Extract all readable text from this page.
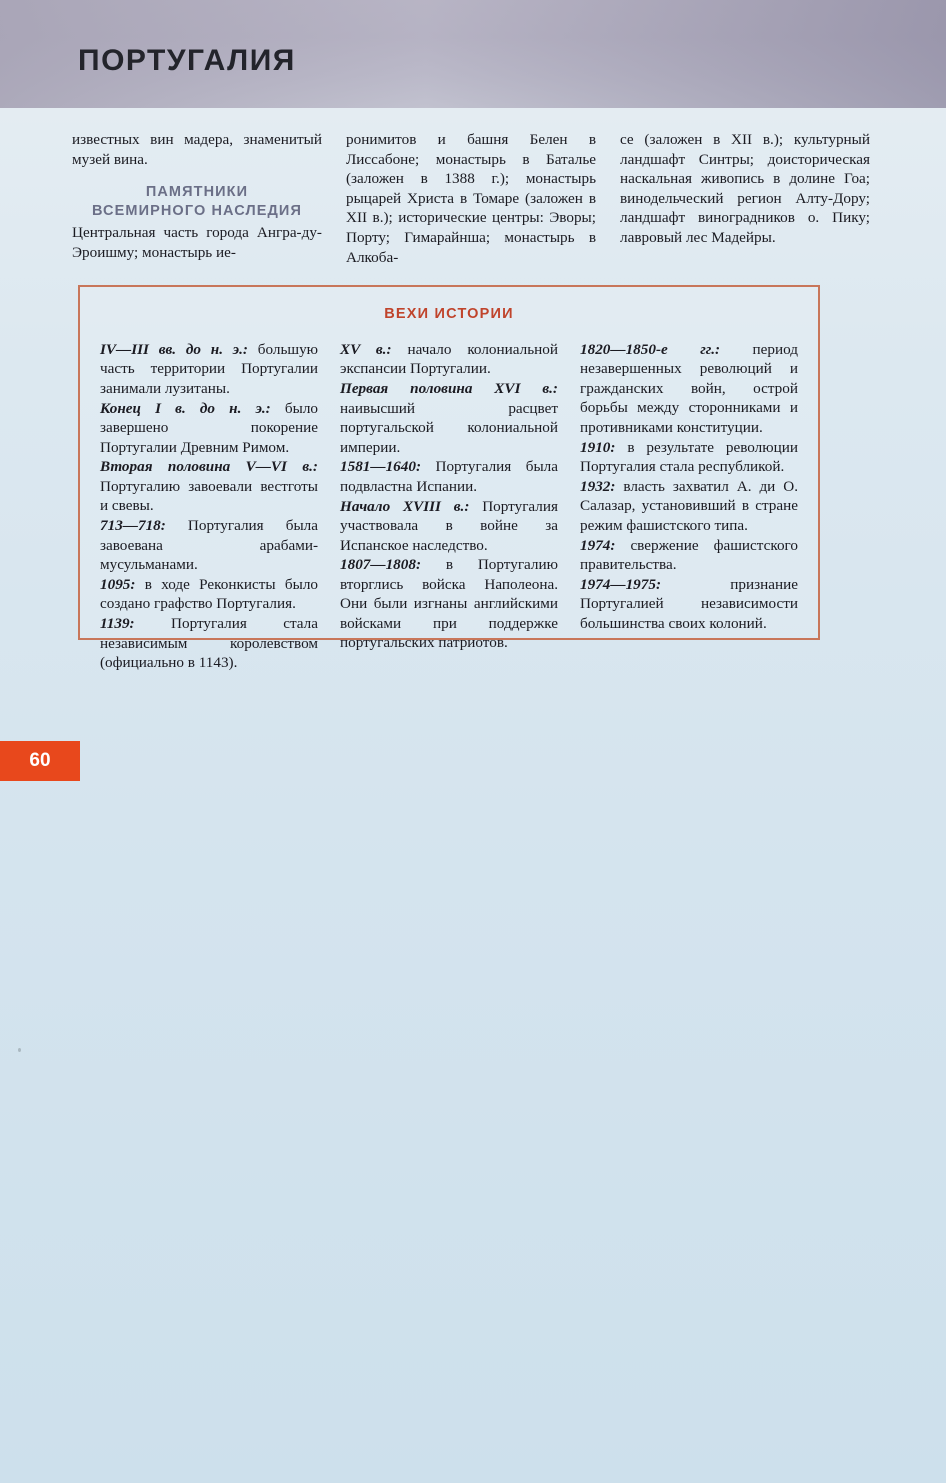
ПОРТУГАЛИЯ

известных вин мадера, знаменитый музей вина.

ПАМЯТНИКИ
ВСЕМИРНОГО НАСЛЕДИЯ

Центральная часть города Ангра-ду-Эроишму; монастырь ие-

ронимитов и башня Белен в Лиссабоне; монастырь в Баталье (заложен в 1388 г.); монастырь рыцарей Христа в Томаре (заложен в XII в.); исторические центры: Эворы; Порту; Гимарайнша; монастырь в Алкоба-

се (заложен в XII в.); культурный ландшафт Синтры; доисторическая наскальная живопись в долине Гоа; винодельческий регион Алту-Дору; ландшафт виноградников о. Пику; лавровый лес Мадейры.

ВЕХИ ИСТОРИИ

IV—III вв. до н. э.: большую часть территории Португалии занимали лузитаны.

Конец I в. до н. э.: было завершено покорение Португалии Древним Римом.

Вторая половина V—VI в.: Португалию завоевали вестготы и свевы.

713—718: Португалия была завоевана арабами-мусульманами.

1095: в ходе Реконкисты было создано графство Португалия.

1139: Португалия стала независимым королевством (официально в 1143).

XV в.: начало колониальной экспансии Португалии.

Первая половина XVI в.: наивысший расцвет португальской колониальной империи.

1581—1640: Португалия была подвластна Испании.

Начало XVIII в.: Португалия участвовала в войне за Испанское наследство.

1807—1808: в Португалию вторглись войска Наполеона. Они были изгнаны английскими войсками при поддержке португальских патриотов.

1820—1850-е гг.: период незавершенных революций и гражданских войн, острой борьбы между сторонниками и противниками конституции.

1910: в результате революции Португалия стала республикой.

1932: власть захватил А. ди О. Салазар, установивший в стране режим фашистского типа.

1974: свержение фашистского правительства.

1974—1975: признание Португалией независимости большинства своих колоний.

60
